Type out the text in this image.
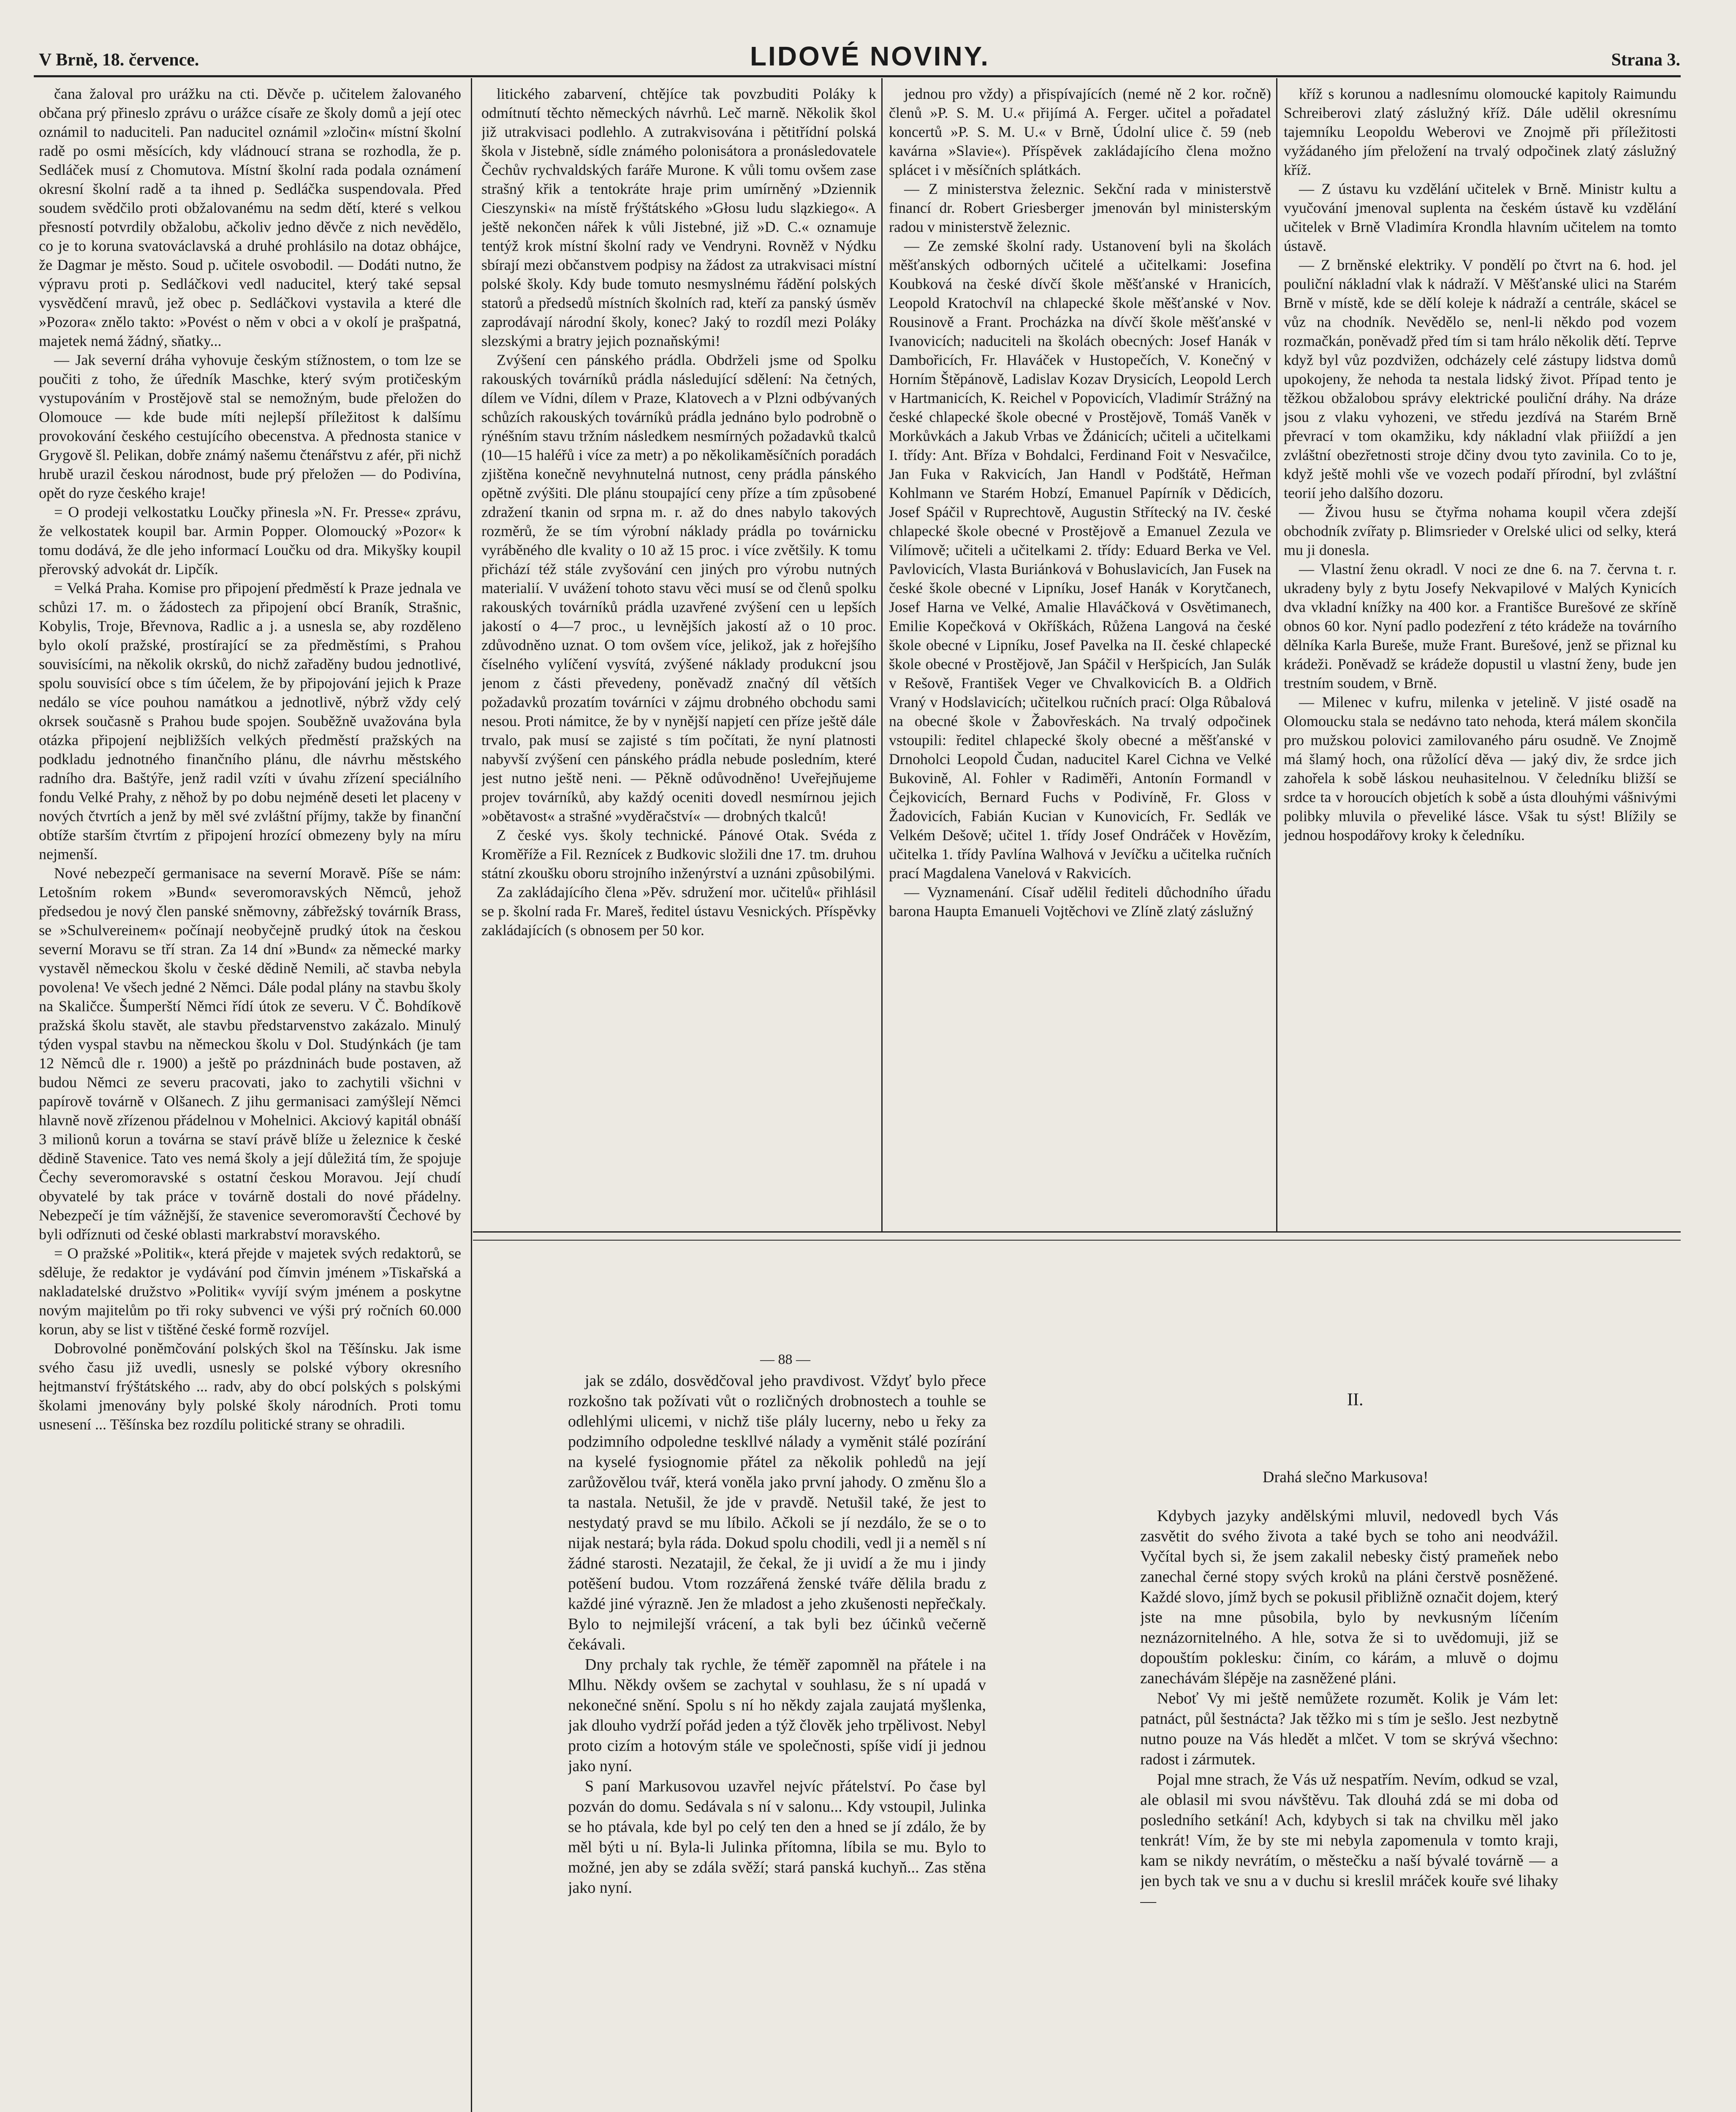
V Brně, 18. července.	LIDOVÉ NOVINY.	Strana 3.

čana žaloval pro urážku na cti. Děvče p. učitelem žalovaného občana prý přineslo zprávu o urážce císaře ze školy domů a její otec oznámil to naduciteli. Pan naducitel oznámil »zločin« místní školní radě po osmi měsících, kdy vládnoucí strana se rozhodla, že p. Sedláček musí z Chomutova. Místní školní rada podala oznámení okresní školní radě a ta ihned p. Sedláčka suspendovala. Před soudem svědčilo proti obžalovanému na sedm dětí, které s velkou přesností potvrdily obžalobu, ačkoliv jedno děvče z nich nevědělo, co je to koruna svatováclavská a druhé prohlásilo na dotaz obhájce, že Dagmar je město. Soud p. učitele osvobodil. — Dodáti nutno, že výpravu proti p. Sedláčkovi vedl naducitel, který také sepsal vysvědčení mravů, jež obec p. Sedláčkovi vystavila a které dle »Pozora« znělo takto: »Povést o něm v obci a v okolí je prašpatná, majetek nemá žádný, sňatky...

— Jak severní dráha vyhovuje českým stížnostem, o tom lze se poučiti z toho, že úředník Maschke, který svým protičeským vystupováním v Prostějově stal se nemožným, bude přeložen do Olomouce — kde bude míti nejlepší příležitost k dalšímu provokování českého cestujícího obecenstva. A přednosta stanice v Grygově šl. Pelikan, dobře známý našemu čtenářstvu z afér, při nichž hrubě urazil českou národnost, bude prý přeložen — do Podivína, opět do ryze českého kraje!

= O prodeji velkostatku Loučky přinesla »N. Fr. Presse« zprávu, že velkostatek koupil bar. Armin Popper. Olomoucký »Pozor« k tomu dodává, že dle jeho informací Loučku od dra. Mikyšky koupil přerovský advokát dr. Lipčík.

= Velká Praha. Komise pro připojení předměstí k Praze jednala ve schůzi 17. m. o žádostech za připojení obcí Braník, Strašnic, Kobylis, Troje, Břevnova, Radlic a j. a usnesla se, aby rozděleno bylo okolí pražské, prostírající se za předměstími, s Prahou souvisícími, na několik okrsků, do nichž zařaděny budou jednotlivé, spolu souvisící obce s tím účelem, že by připojování jejich k Praze nedálo se více pouhou namátkou a jednotlivě, nýbrž vždy celý okrsek současně s Prahou bude spojen. Souběžně uvažována byla otázka připojení nejbližších velkých předměstí pražských na podkladu jednotného finančního plánu, dle návrhu městského radního dra. Baštýře, jenž radil vzíti v úvahu zřízení speciálního fondu Velké Prahy, z něhož by po dobu nejméně deseti let placeny v nových čtvrtích a jenž by měl své zvláštní příjmy, takže by finanční obtíže starším čtvrtím z připojení hrozící obmezeny byly na míru nejmenší.

Nové nebezpečí germanisace na severní Moravě. Píše se nám: Letošním rokem »Bund« severomoravských Němců, jehož předsedou je nový člen panské sněmovny, zábřežský továrník Brass, se »Schulvereinem« počínají neobyčejně prudký útok na českou severní Moravu se tří stran. Za 14 dní »Bund« za německé marky vystavěl německou školu v české dědině Nemili, ač stavba nebyla povolena! Ve všech jedné 2 Němci. Dále podal plány na stavbu školy na Skaličce. Šumperští Němci řídí útok ze severu. V Č. Bohdíkově pražská školu stavět, ale stavbu předstarvenstvo zakázalo. Minulý týden vyspal stavbu na německou školu v Dol. Studýnkách (je tam 12 Němců dle r. 1900) a ještě po prázdninách bude postaven, až budou Němci ze severu pracovati, jako to zachytili všichni v papírově továrně v Olšanech. Z jihu germanisaci zamýšlejí Němci hlavně nově zřízenou přádelnou v Mohelnici. Akciový kapitál obnáší 3 milionů korun a továrna se staví právě blíže u železnice k české dědině Stavenice. Tato ves nemá školy a její důležitá tím, že spojuje Čechy severomoravské s ostatní českou Moravou. Její chudí obyvatelé by tak práce v továrně dostali do nové přádelny. Nebezpečí je tím vážnější, že stavenice severomoravští Čechové by byli odříznuti od české oblasti markrabství moravského.

= O pražské »Politik«, která přejde v majetek svých redaktorů, se sděluje, že redaktor je vydávání pod čímvin jménem »Tiskařská a nakladatelské družstvo »Politik« vyvíjí svým jménem a poskytne novým majitelům po tři roky subvenci ve výši prý ročních 60.000 korun, aby se list v tištěné české formě rozvíjel.

Dobrovolné poněmčování polských škol na Těšínsku. Jak isme svého času již uvedli, usnesly se polské výbory okresního hejtmanství frýštátského ... radv, aby do obcí polských s polskými školami jmenovány byly polské školy národních. Proti tomu usnesení ... Těšínska bez rozdílu politické strany se ohradili.

litického zabarvení, chtějíce tak povzbuditi Poláky k odmítnutí těchto německých návrhů. Leč marně. Několik škol již utrakvisaci podlehlo. A zutrakvisována i pětitřídní polská škola v Jistebně, sídle známého polonisátora a pronásledovatele Čechův rychvaldských faráře Murone. K vůli tomu ovšem zase strašný křik a tentokráte hraje prim umírněný »Dziennik Cieszynski« na místě frýštátského »Głosu ludu slązkiego«. A ještě nekončen nářek k vůli Jistebné, již »D. C.« oznamuje tentýž krok místní školní rady ve Vendryni. Rovněž v Nýdku sbírají mezi občanstvem podpisy na žádost za utrakvisaci místní polské školy. Kdy bude tomuto nesmyslnému řádění polských statorů a předsedů místních školních rad, kteří za panský úsměv zaprodávají národní školy, konec? Jaký to rozdíl mezi Poláky slezskými a bratry jejich poznaňskými!

Zvýšení cen pánského prádla. Obdrželi jsme od Spolku rakouských továrníků prádla následující sdělení: Na četných, dílem ve Vídni, dílem v Praze, Klatovech a v Plzni odbývaných schůzích rakouských továrníků prádla jednáno bylo podrobně o rýnéšním stavu tržním následkem nesmírných požadavků tkalců (10—15 haléřů i více za metr) a po několikaměsíčních poradách zjištěna konečně nevyhnutelná nutnost, ceny prádla pánského opětně zvýšiti. Dle plánu stoupající ceny příze a tím způsobené zdražení tkanin od srpna m. r. až do dnes nabylo takových rozměrů, že se tím výrobní náklady prádla po továrnicku vyráběného dle kvality o 10 až 15 proc. i více zvětšily. K tomu přichází též stále zvyšování cen jiných pro výrobu nutných materialií. V uvážení tohoto stavu věci musí se od členů spolku rakouských továrníků prádla uzavřené zvýšení cen u lepších jakostí o 4—7 proc., u levnějších jakostí až o 10 proc. zdůvodněno uznat. O tom ovšem více, jelikož, jak z hořejšího číselného vylíčení vysvítá, zvýšené náklady produkcní jsou jenom z části převedeny, poněvadž značný díl větších požadavků prozatím továrníci v zájmu drobného obchodu sami nesou. Proti námitce, že by v nynější napjetí cen příze ještě dále trvalo, pak musí se zajisté s tím počítati, že nyní platnosti nabyvší zvýšení cen pánského prádla nebude posledním, které jest nutno ještě neni. — Pěkně odůvodněno! Uveřejňujeme projev továrníků, aby každý oceniti dovedl nesmírnou jejich »obětavost« a strašné »vyděračství« — drobných tkalců!

Z české vys. školy technické. Pánové Otak. Svéda z Kroměříže a Fil. Reznícek z Budkovic složili dne 17. tm. druhou státní zkoušku oboru strojního inženýrství a uznáni způsobilými.

Za zakládajícího člena »Pěv. sdružení mor. učitelů« přihlásil se p. školní rada Fr. Mareš, ředitel ústavu Vesnických. Příspěvky zakládajících (s obnosem per 50 kor.

jednou pro vždy) a přispívajících (nemé ně 2 kor. ročně) členů »P. S. M. U.« přijímá A. Ferger. učitel a pořadatel koncertů »P. S. M. U.« v Brně, Údolní ulice č. 59 (neb kavárna »Slavie«). Příspěvek zakládajícího člena možno splácet i v měsíčních splátkách.

— Z ministerstva železnic. Sekční rada v ministerstvě financí dr. Robert Griesberger jmenován byl ministerským radou v ministerstvě železnic.

— Ze zemské školní rady. Ustanovení byli na školách měšťanských odborných učitelé a učitelkami: Josefina Koubková na české dívčí škole měšťanské v Hranicích, Leopold Kratochvíl na chlapecké škole měšťanské v Nov. Rousinově a Frant. Procházka na dívčí škole měšťanské v Ivanovicích; naduciteli na školách obecných: Josef Hanák v Dambořicích, Fr. Hlaváček v Hustopečích, V. Konečný v Horním Štěpánově, Ladislav Kozav Drysicích, Leopold Lerch v Hartmanicích, K. Reichel v Popovicích, Vladimír Strážný na české chlapecké škole obecné v Prostějově, Tomáš Vaněk v Morkůvkách a Jakub Vrbas ve Ždánicích; učiteli a učitelkami I. třídy: Ant. Bříza v Bohdalci, Ferdinand Foit v Nesvačilce, Jan Fuka v Rakvicích, Jan Handl v Podštátě, Heřman Kohlmann ve Starém Hobzí, Emanuel Papírník v Dědicích, Josef Spáčil v Ruprechtově, Augustin Střítecký na IV. české chlapecké škole obecné v Prostějově a Emanuel Zezula ve Vilímově; učiteli a učitelkami 2. třídy: Eduard Berka ve Vel. Pavlovicích, Vlasta Buriánková v Bohuslavicích, Jan Fusek na české škole obecné v Lipníku, Josef Hanák v Korytčanech, Josef Harna ve Velké, Amalie Hlaváčková v Osvětimanech, Emilie Kopečková v Okříškách, Růžena Langová na české škole obecné v Lipníku, Josef Pavelka na II. české chlapecké škole obecné v Prostějově, Jan Spáčil v Heršpicích, Jan Sulák v Rešově, František Veger ve Chvalkovicích B. a Oldřich Vraný v Hodslavicích; učitelkou ručních prací: Olga Růbalová na obecné škole v Žabovřeskách. Na trvalý odpočinek vstoupili: ředitel chlapecké školy obecné a měšťanské v Drnoholci Leopold Čudan, naducitel Karel Cichna ve Velké Bukovině, Al. Fohler v Radiměři, Antonín Formandl v Čejkovicích, Bernard Fuchs v Podivíně, Fr. Gloss v Žadovicích, Fabián Kucian v Kunovicích, Fr. Sedlák ve Velkém Dešově; učitel 1. třídy Josef Ondráček v Hovězím, učitelka 1. třídy Pavlína Walhová v Jevíčku a učitelka ručních prací Magdalena Vanelová v Rakvicích.

— Vyznamenání. Císař udělil řediteli důchodního úřadu barona Haupta Emanueli Vojtěchovi ve Zlíně zlatý záslužný

kříž s korunou a nadlesnímu olomoucké kapitoly Raimundu Schreiberovi zlatý záslužný kříž. Dále udělil okresnímu tajemníku Leopoldu Weberovi ve Znojmě při příležitosti vyžádaného jím přeložení na trvalý odpočinek zlatý záslužný kříž.

— Z ústavu ku vzdělání učitelek v Brně. Ministr kultu a vyučování jmenoval suplenta na českém ústavě ku vzdělání učitelek v Brně Vladimíra Krondla hlavním učitelem na tomto ústavě.

— Z brněnské elektriky. V pondělí po čtvrt na 6. hod. jel pouliční nákladní vlak k nádraží. V Měšťanské ulici na Starém Brně v místě, kde se dělí koleje k nádraží a centrále, skácel se vůz na chodník. Nevědělo se, nenl-li někdo pod vozem rozmačkán, poněvadž před tím si tam hrálo několik dětí. Teprve když byl vůz pozdvižen, odcházely celé zástupy lidstva domů upokojeny, že nehoda ta nestala lidský život. Případ tento je těžkou obžalobou správy elektrické pouliční dráhy. Na dráze jsou z vlaku vyhozeni, ve středu jezdívá na Starém Brně převrací v tom okamžiku, kdy nákladní vlak přiiíždí a jen zvláštní obezřetnosti stroje dčiny dvou tyto zavinila. Co to je, když ještě mohli vše ve vozech podaří přírodní, byl zvláštní teorií jeho dalšího dozoru.

— Živou husu se čtyřma nohama koupil včera zdejší obchodník zvířaty p. Blimsrieder v Orelské ulici od selky, která mu ji donesla.

— Vlastní ženu okradl. V noci ze dne 6. na 7. června t. r. ukradeny byly z bytu Josefy Nekvapilové v Malých Kynicích dva vkladní knížky na 400 kor. a Františce Burešové ze skříně obnos 60 kor. Nyní padlo podezření z této krádeže na továrního dělníka Karla Bureše, muže Frant. Burešové, jenž se přiznal ku krádeži. Poněvadž se krádeže dopustil u vlastní ženy, bude jen trestním soudem, v Brně.

— Milenec v kufru, milenka v jetelině. V jisté osadě na Olomoucku stala se nedávno tato nehoda, která málem skončila pro mužskou polovici zamilovaného páru osudně. Ve Znojmě má šlamý hoch, ona růžolící děva — jaký div, že srdce jich zahořela k sobě láskou neuhasitelnou. V čeledníku bližší se srdce ta v horoucích objetích k sobě a ústa dlouhými vášnivými polibky mluvila o převeliké lásce. Však tu sýst! Blížily se jednou hospodářovy kroky k čeledníku.

— 88 —

jak se zdálo, dosvědčoval jeho pravdivost. Vždyť bylo přece rozkošno tak požívati vůt o rozličných drobnostech a touhle se odlehlými ulicemi, v nichž tiše plály lucerny, nebo u řeky za podzimního odpoledne teskllvé nálady a vyměnit stálé pozírání na kyselé fysiognomie přátel za několik pohledů na její zarůžovělou tvář, která voněla jako první jahody. O změnu šlo a ta nastala. Netušil, že jde v pravdě. Netušil také, že jest to nestydatý pravd se mu líbilo. Ačkoli se jí nezdálo, že se o to nijak nestará; byla ráda. Dokud spolu chodili, vedl ji a neměl s ní žádné starosti. Nezatajil, že čekal, že ji uvidí a že mu i jindy potěšení budou. Vtom rozzářená ženské tváře dělila bradu z každé jiné výrazně. Jen že mladost a jeho zkušenosti nepřečkaly. Bylo to nejmilejší vrácení, a tak byli bez účinků večerně čekávali.

Dny prchaly tak rychle, že téměř zapomněl na přátele i na Mlhu. Někdy ovšem se zachytal v souhlasu, že s ní upadá v nekonečné snění. Spolu s ní ho někdy zajala zaujatá myšlenka, jak dlouho vydrží pořád jeden a týž člověk jeho trpělivost. Nebyl proto cizím a hotovým stále ve společnosti, spíše vidí ji jednou jako nyní.

S paní Markusovou uzavřel nejvíc přátelství. Po čase byl pozván do domu. Sedávala s ní v salonu... Kdy vstoupil, Julinka se ho ptávala, kde byl po celý ten den a hned se jí zdálo, že by měl býti u ní. Byla-li Julinka přítomna, líbila se mu. Bylo to možné, jen aby se zdála svěží; stará panská kuchyň... Zas stěna jako nyní.

II.
Drahá slečno Markusova!

Kdybych jazyky andělskými mluvil, nedovedl bych Vás zasvětit do svého života a také bych se toho ani neodvážil. Vyčítal bych si, že jsem zakalil nebesky čistý prameňek nebo zanechal černé stopy svých kroků na pláni čerstvě posněžené. Každé slovo, jímž bych se pokusil přibližně označit dojem, který jste na mne působila, bylo by nevkusným líčením neznázornitelného. A hle, sotva že si to uvědomuji, již se dopouštím poklesku: činím, co kárám, a mluvě o dojmu zanechávám šlépěje na zasněžené pláni.

Neboť Vy mi ještě nemůžete rozumět. Kolik je Vám let: patnáct, půl šestnácta? Jak těžko mi s tím je sešlo. Jest nezbytně nutno pouze na Vás hledět a mlčet. V tom se skrývá všechno: radost i zármutek.

Pojal mne strach, že Vás už nespatřím. Nevím, odkud se vzal, ale oblasil mi svou návštěvu. Tak dlouhá zdá se mi doba od posledního setkání! Ach, kdybych si tak na chvilku měl jako tenkrát! Vím, že by ste mi nebyla zapomenula v tomto kraji, kam se nikdy nevrátím, o městečku a naší bývalé továrně — a jen bych tak ve snu a v duchu si kreslil mráček kouře své lihaky —
